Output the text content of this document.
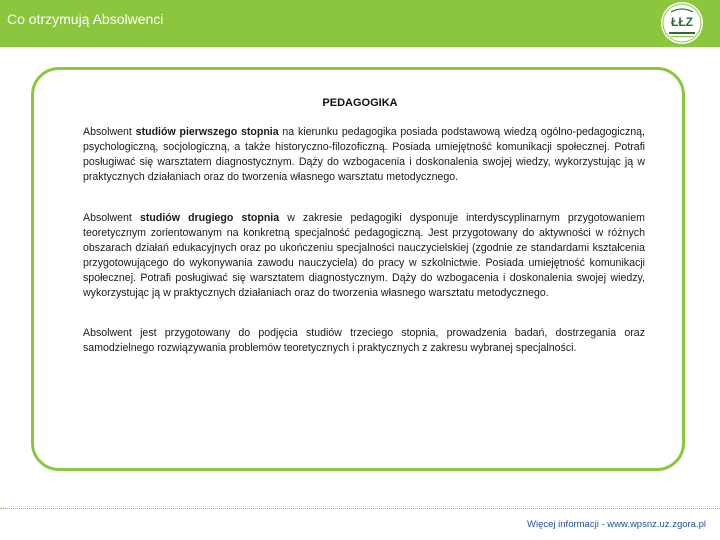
Co otrzymują Absolwenci	ŁŁZ
PEDAGOGIKA

Absolwent studiów pierwszego stopnia na kierunku pedagogika posiada podstawową wiedzą ogólno-pedagogiczną, psychologiczną, socjologiczną, a także historyczno-filozoficzną. Posiada umiejętność komunikacji społecznej. Potrafi posługiwać się warsztatem diagnostycznym. Dąży do wzbogacenia i doskonalenia swojej wiedzy, wykorzystując ją w praktycznych działaniach oraz do tworzenia własnego warsztatu metodycznego.

Absolwent studiów drugiego stopnia w zakresie pedagogiki dysponuje interdyscyplinarnym przygotowaniem teoretycznym zorientowanym na konkretną specjalność pedagogiczną. Jest przygotowany do aktywności w różnych obszarach działań edukacyjnych oraz po ukończeniu specjalności nauczycielskiej (zgodnie ze standardami kształcenia przygotowującego do wykonywania zawodu nauczyciela) do pracy w szkolnictwie. Posiada umiejętność komunikacji społecznej. Potrafi posługiwać się warsztatem diagnostycznym. Dąży do wzbogacenia i doskonalenia swojej wiedzy, wykorzystując ją w praktycznych działaniach oraz do tworzenia własnego warsztatu metodycznego.

Absolwent jest przygotowany do podjęcia studiów trzeciego stopnia, prowadzenia badań, dostrzegania oraz samodzielnego rozwiązywania problemów teoretycznych i praktycznych z zakresu wybranej specjalności.

Więcej informacji - www.wpsnz.uz.zgora.pl
